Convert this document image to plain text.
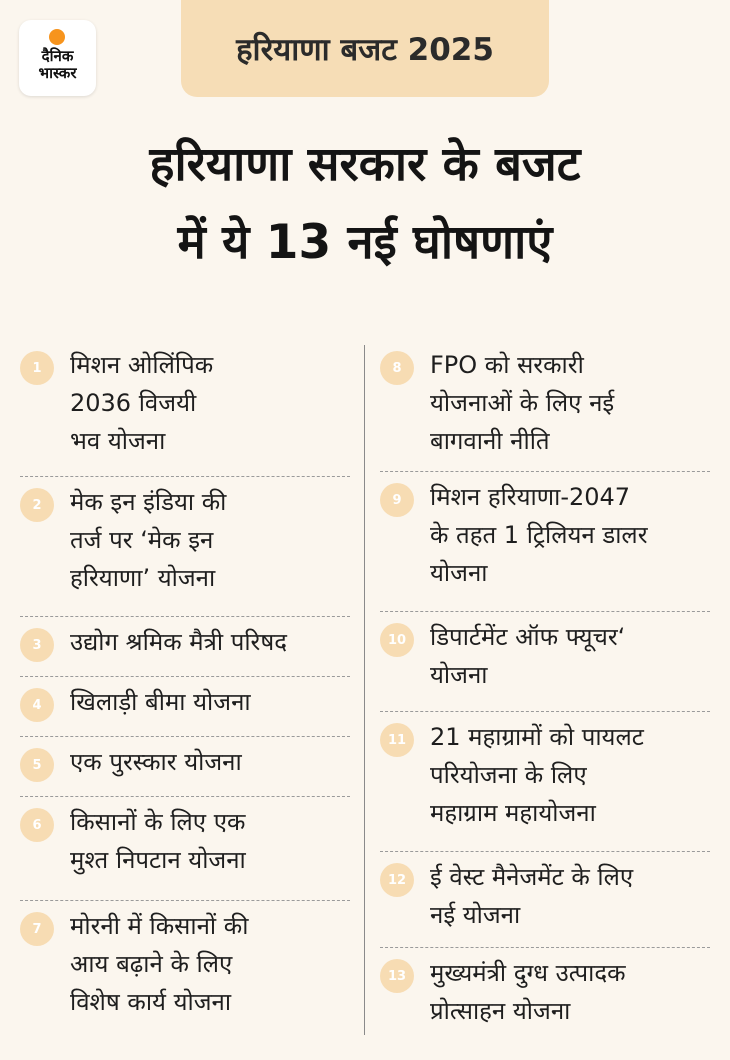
दैनिक
भास्कर
हरियाणा बजट 2025
हरियाणा सरकार के बजट
में ये 13 नई घोषणाएं
1	मिशन ओलिंपिक
2036 विजयी
भव योजना
2	मेक इन इंडिया की
तर्ज पर ‘मेक इन
हरियाणा’ योजना
3	उद्योग श्रमिक मैत्री परिषद
4	खिलाड़ी बीमा योजना
5	एक पुरस्कार योजना
6	किसानों के लिए एक
मुश्त निपटान योजना
7	मोरनी में किसानों की
आय बढ़ाने के लिए
विशेष कार्य योजना
8	FPO को सरकारी
योजनाओं के लिए नई
बागवानी नीति
9	मिशन हरियाणा-2047
के तहत 1 ट्रिलियन डालर
योजना
10 डिपार्टमेंट ऑफ फ्यूचर‘
योजना
11 21 महाग्रामों को पायलट
परियोजना के लिए
महाग्राम महायोजना
12 ई वेस्ट मैनेजमेंट के लिए
नई योजना
13 मुख्यमंत्री दुग्ध उत्पादक
प्रोत्साहन योजना
